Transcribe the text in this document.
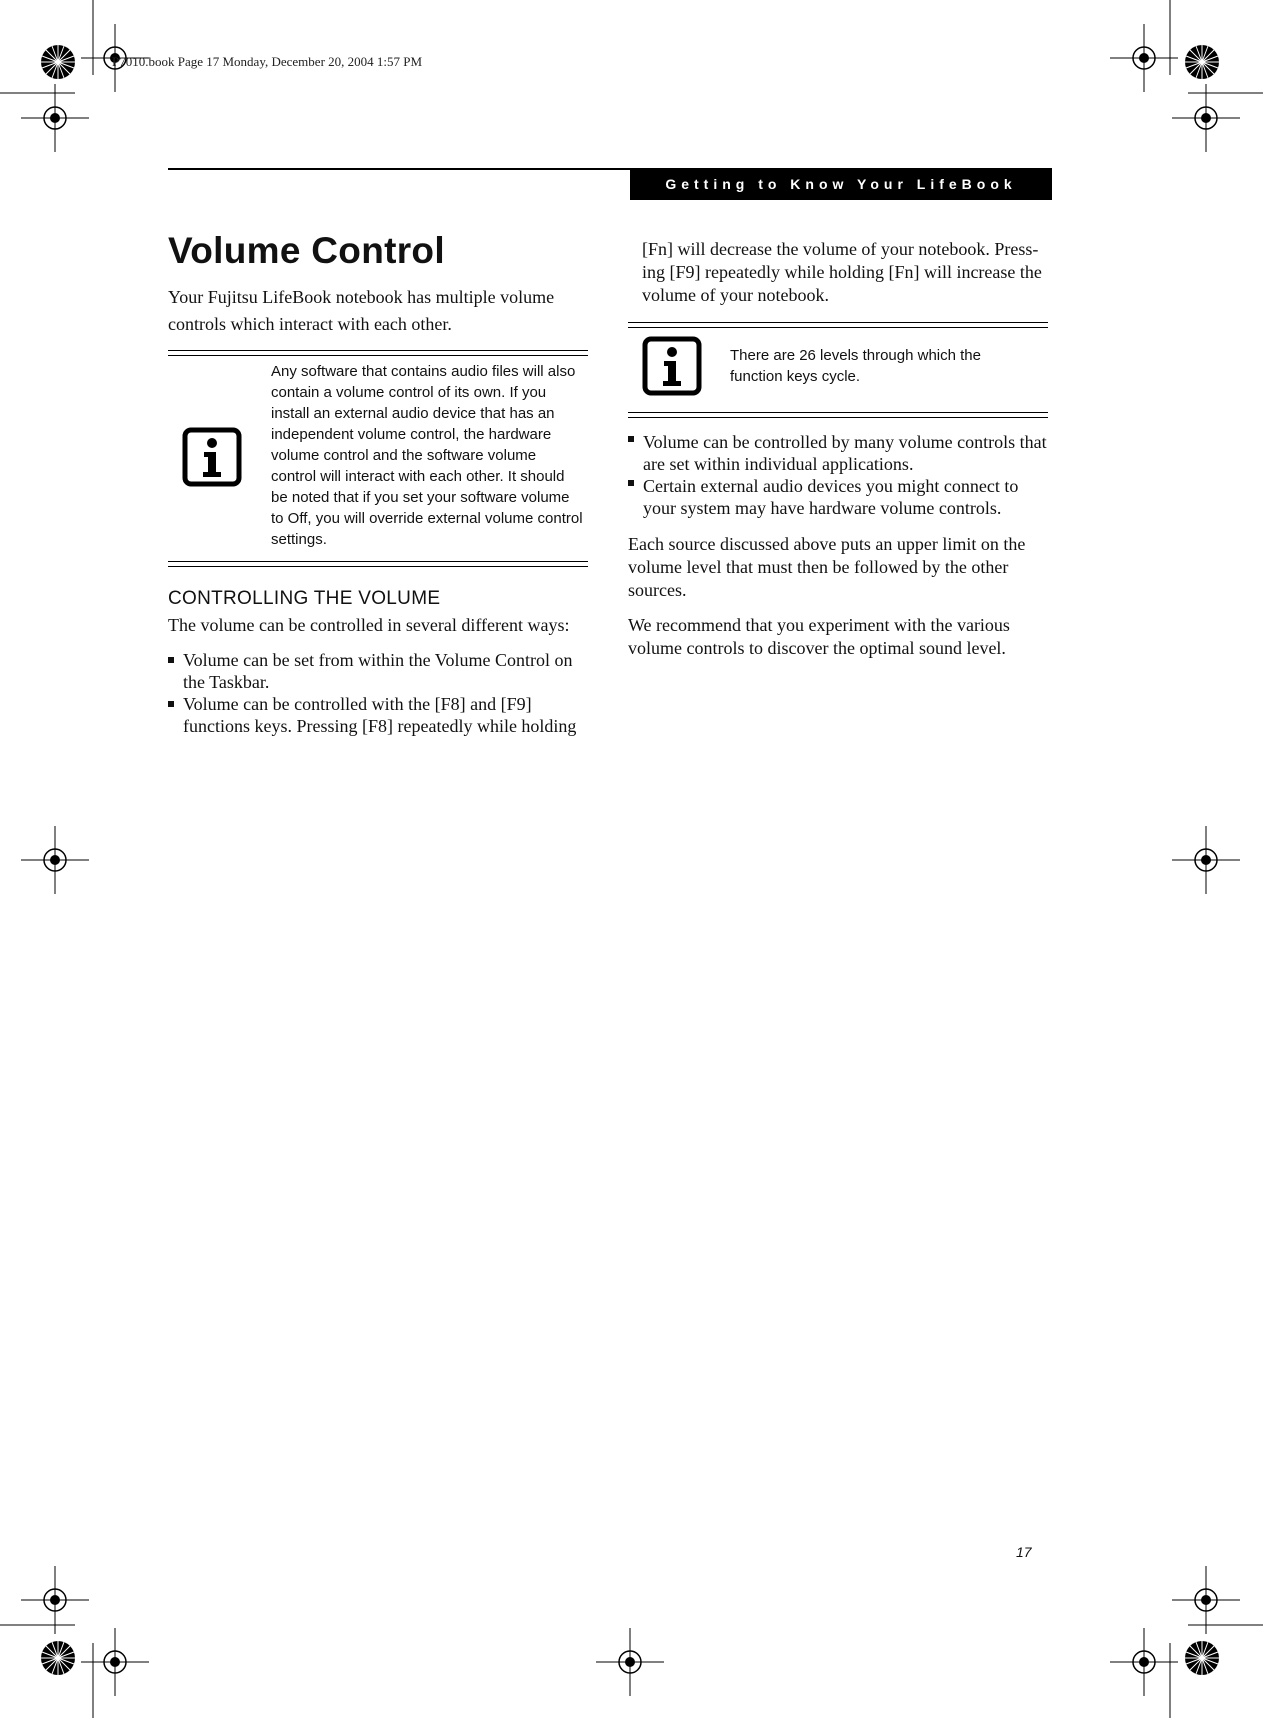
P7010.book Page 17 Monday, December 20, 2004 1:57 PM
Getting to Know Your LifeBook
Volume Control
Your Fujitsu LifeBook notebook has multiple volume controls which interact with each other.
Any software that contains audio files will also contain a volume control of its own. If you install an external audio device that has an independent volume control, the hardware volume control and the software volume control will interact with each other. It should be noted that if you set your software volume to Off, you will override external volume control settings.
CONTROLLING THE VOLUME
The volume can be controlled in several different ways:
Volume can be set from within the Volume Control on the Taskbar.
Volume can be controlled with the [F8] and [F9] functions keys. Pressing [F8] repeatedly while holding
[Fn] will decrease the volume of your notebook. Press-ing [F9] repeatedly while holding [Fn] will increase the volume of your notebook.
There are 26 levels through which the function keys cycle.
Volume can be controlled by many volume controls that are set within individual applications.
Certain external audio devices you might connect to your system may have hardware volume controls.
Each source discussed above puts an upper limit on the volume level that must then be followed by the other sources.
We recommend that you experiment with the various volume controls to discover the optimal sound level.
17
